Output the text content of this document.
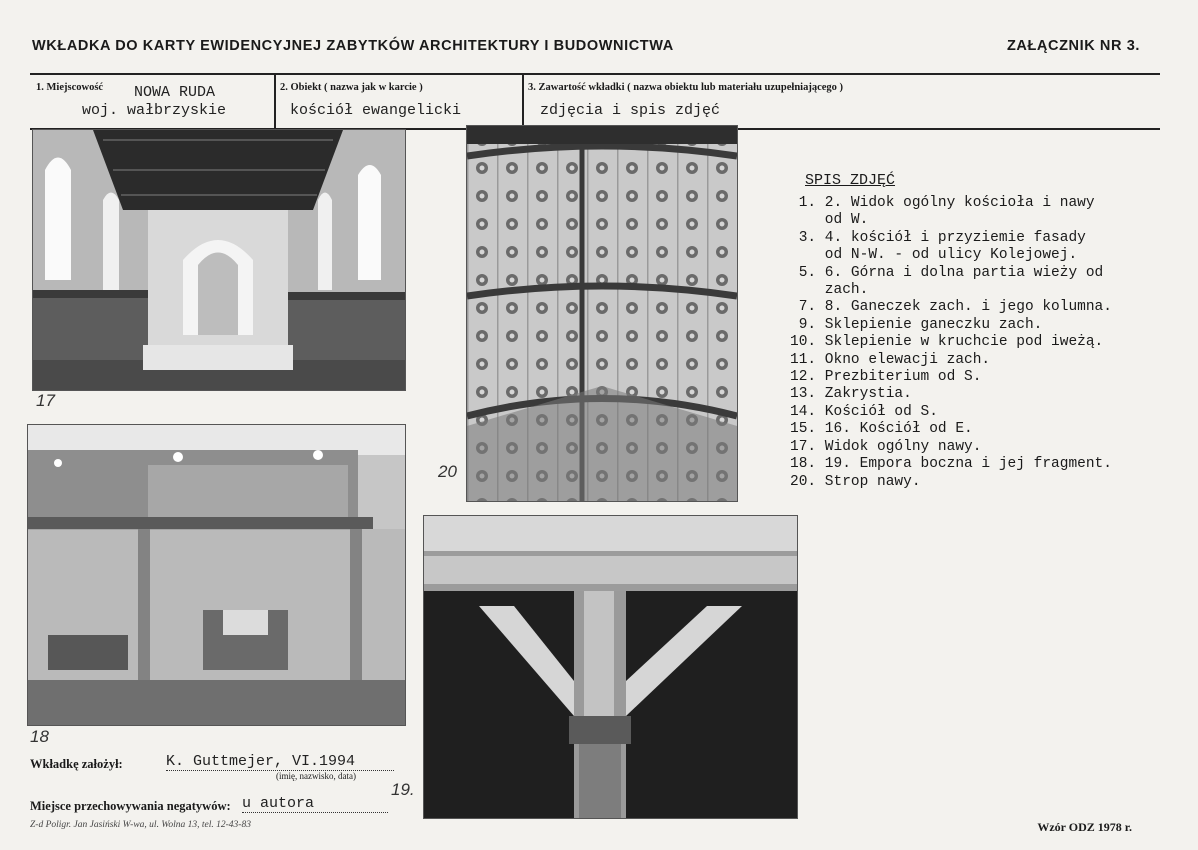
WKŁADKA DO KARTY EWIDENCYJNEJ ZABYTKÓW ARCHITEKTURY I BUDOWNICTWA	ZAŁĄCZNIK NR 3.
1. Miejscowość NOWA RUDA
woj. wałbrzyskie
2. Obiekt ( nazwa jak w karcie )
kościół ewangelicki
3. Zawartość wkładki ( nazwa obiektu lub materiału uzupełniającego )
zdjęcia i spis zdjęć
17
20
SPIS ZDJĘĆ
1. 2. Widok ogólny kościoła i nawy
od W.
3. 4. kościół i przyziemie fasady
od N-W. - od ulicy Kolejowej.
5. 6. Górna i dolna partia wieży od
zach.
7. 8. Ganeczek zach. i jego kolumna.
9. Sklepienie ganeczku zach.
10. Sklepienie w kruchcie pod iweżą.
11. Okno elewacji zach.
12. Prezbiterium od S.
13. Zakrystia.
14. Kościół od S.
15. 16. Kościół od E.
17. Widok ogólny nawy.
18. 19. Empora boczna i jej fragment.
20. Strop nawy.
18
19.
Wkładkę założył:	K. Guttmejer, VI.1994
(imię, nazwisko, data)
Miejsce przechowywania negatywów: u autora
Z-d Poligr. Jan Jasiński W-wa, ul. Wolna 13, tel. 12-43-83	Wzór ODZ 1978 r.
